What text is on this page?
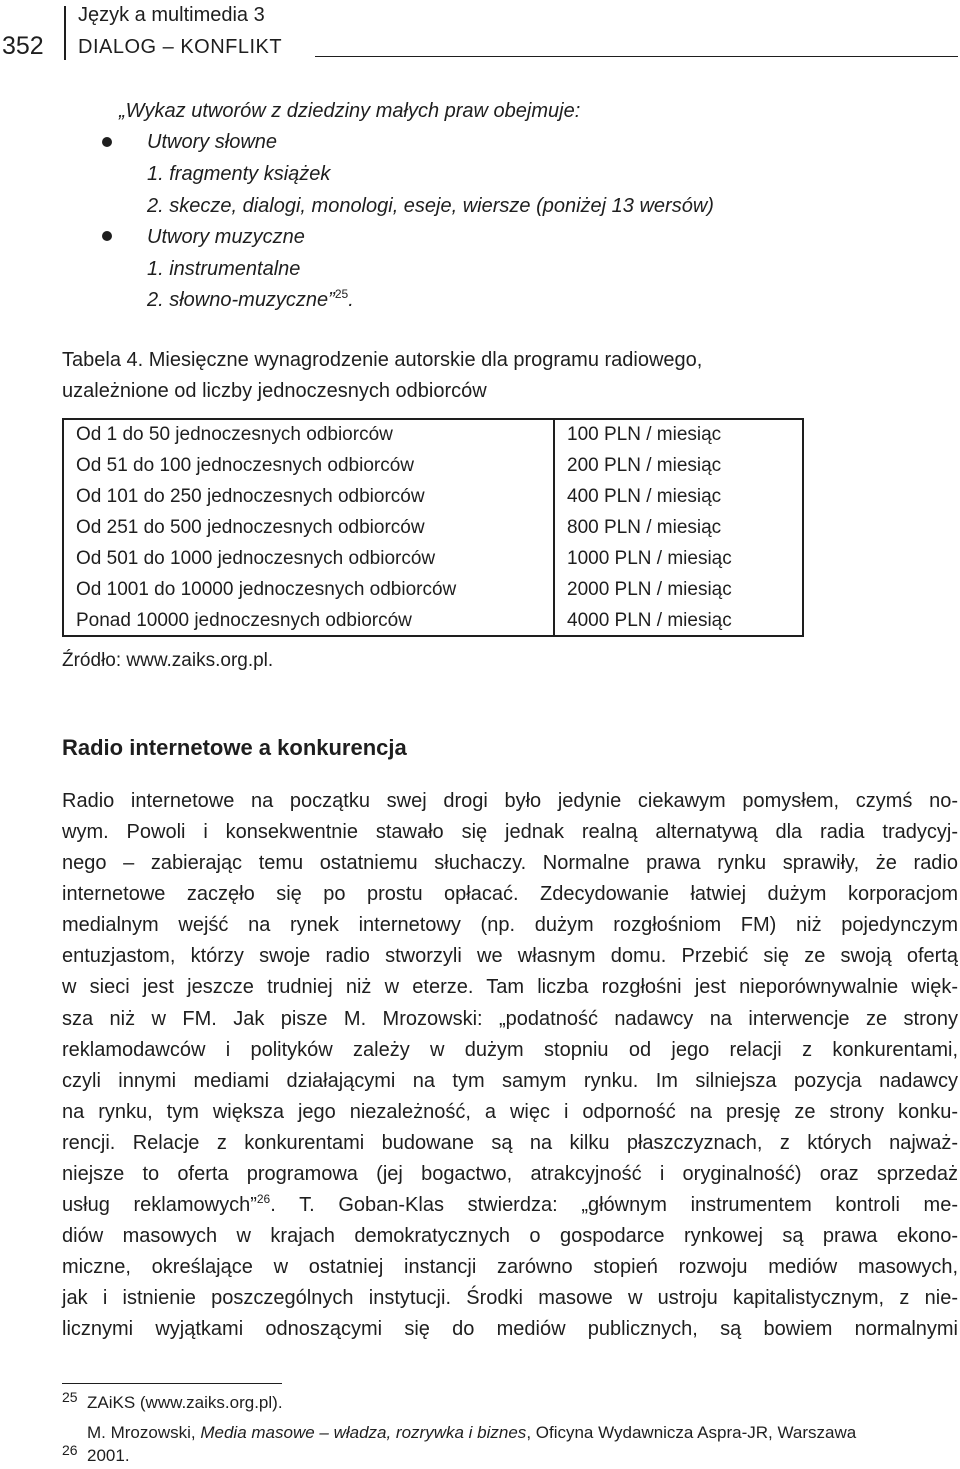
352
Język a multimedia 3
DIALOG – KONFLIKT
„Wykaz utworów z dziedziny małych praw obejmuje:
Utwory słowne
1. fragmenty książek
2. skecze, dialogi, monologi, eseje, wiersze (poniżej 13 wersów)
Utwory muzyczne
1. instrumentalne
2. słowno-muzyczne”$^{25}$.
Tabela 4. Miesięczne wynagrodzenie autorskie dla programu radiowego,
uzależnione od liczby jednoczesnych odbiorców
Od 1 do 50 jednoczesnych odbiorców	100 PLN / miesiąc
Od 51 do 100 jednoczesnych odbiorców	200 PLN / miesiąc
Od 101 do 250 jednoczesnych odbiorców	400 PLN / miesiąc
Od 251 do 500 jednoczesnych odbiorców	800 PLN / miesiąc
Od 501 do 1000 jednoczesnych odbiorców	1000 PLN / miesiąc
Od 1001 do 10000 jednoczesnych odbiorców	2000 PLN / miesiąc
Ponad 10000 jednoczesnych odbiorców	4000 PLN / miesiąc
Źródło: www.zaiks.org.pl.
Radio internetowe a konkurencja
Radio internetowe na początku swej drogi było jedynie ciekawym pomysłem, czymś no-
wym. Powoli i konsekwentnie stawało się jednak realną alternatywą dla radia tradycyj-
nego – zabierając temu ostatniemu słuchaczy. Normalne prawa rynku sprawiły, że radio
internetowe zaczęło się po prostu opłacać. Zdecydowanie łatwiej dużym korporacjom
medialnym wejść na rynek internetowy (np. dużym rozgłośniom FM) niż pojedynczym
entuzjastom, którzy swoje radio stworzyli we własnym domu. Przebić się ze swoją ofertą
w sieci jest jeszcze trudniej niż w eterze. Tam liczba rozgłośni jest nieporównywalnie więk-
sza niż w FM. Jak pisze M. Mrozowski: „podatność nadawcy na interwencje ze strony
reklamodawców i polityków zależy w dużym stopniu od jego relacji z konkurentami,
czyli innymi mediami działającymi na tym samym rynku. Im silniejsza pozycja nadawcy
na rynku, tym większa jego niezależność, a więc i odporność na presję ze strony konku-
rencji. Relacje z konkurentami budowane są na kilku płaszczyznach, z których najważ-
niejsze to oferta programowa (jej bogactwo, atrakcyjność i oryginalność) oraz sprzedaż
usług reklamowych”$^{26}$. T. Goban-Klas stwierdza: „głównym instrumentem kontroli me-
diów masowych w krajach demokratycznych o gospodarce rynkowej są prawa ekono-
miczne, określające w ostatniej instancji zarówno stopień rozwoju mediów masowych,
jak i istnienie poszczególnych instytucji. Środki masowe w ustroju kapitalistycznym, z nie-
licznymi wyjątkami odnoszącymi się do mediów publicznych, są bowiem normalnymi
25 ZAiKS (www.zaiks.org.pl).
26
M. Mrozowski, Media masowe – władza, rozrywka i biznes, Oficyna Wydawnicza Aspra-JR, Warszawa
2001.
